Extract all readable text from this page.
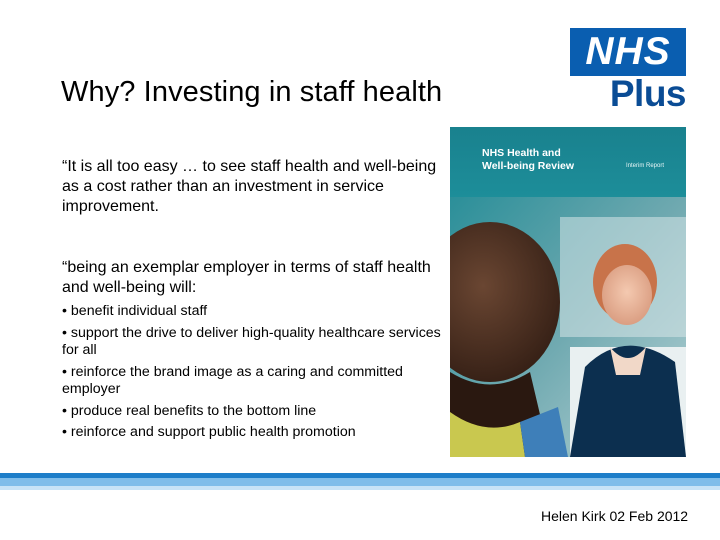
Why? Investing in staff health
NHS
Plus

“It is all too easy … to see staff health and well-being as a cost rather than an investment in service improvement.

“being an exemplar employer in terms of staff health and well-being will:

• benefit individual staff
• support the drive to deliver high-quality healthcare services for all
• reinforce the brand image as a caring and committed employer
• produce real benefits to the bottom line
• reinforce and support public health promotion
NHS Health and
Well-being Review	Interim Report
Helen Kirk 02 Feb 2012
